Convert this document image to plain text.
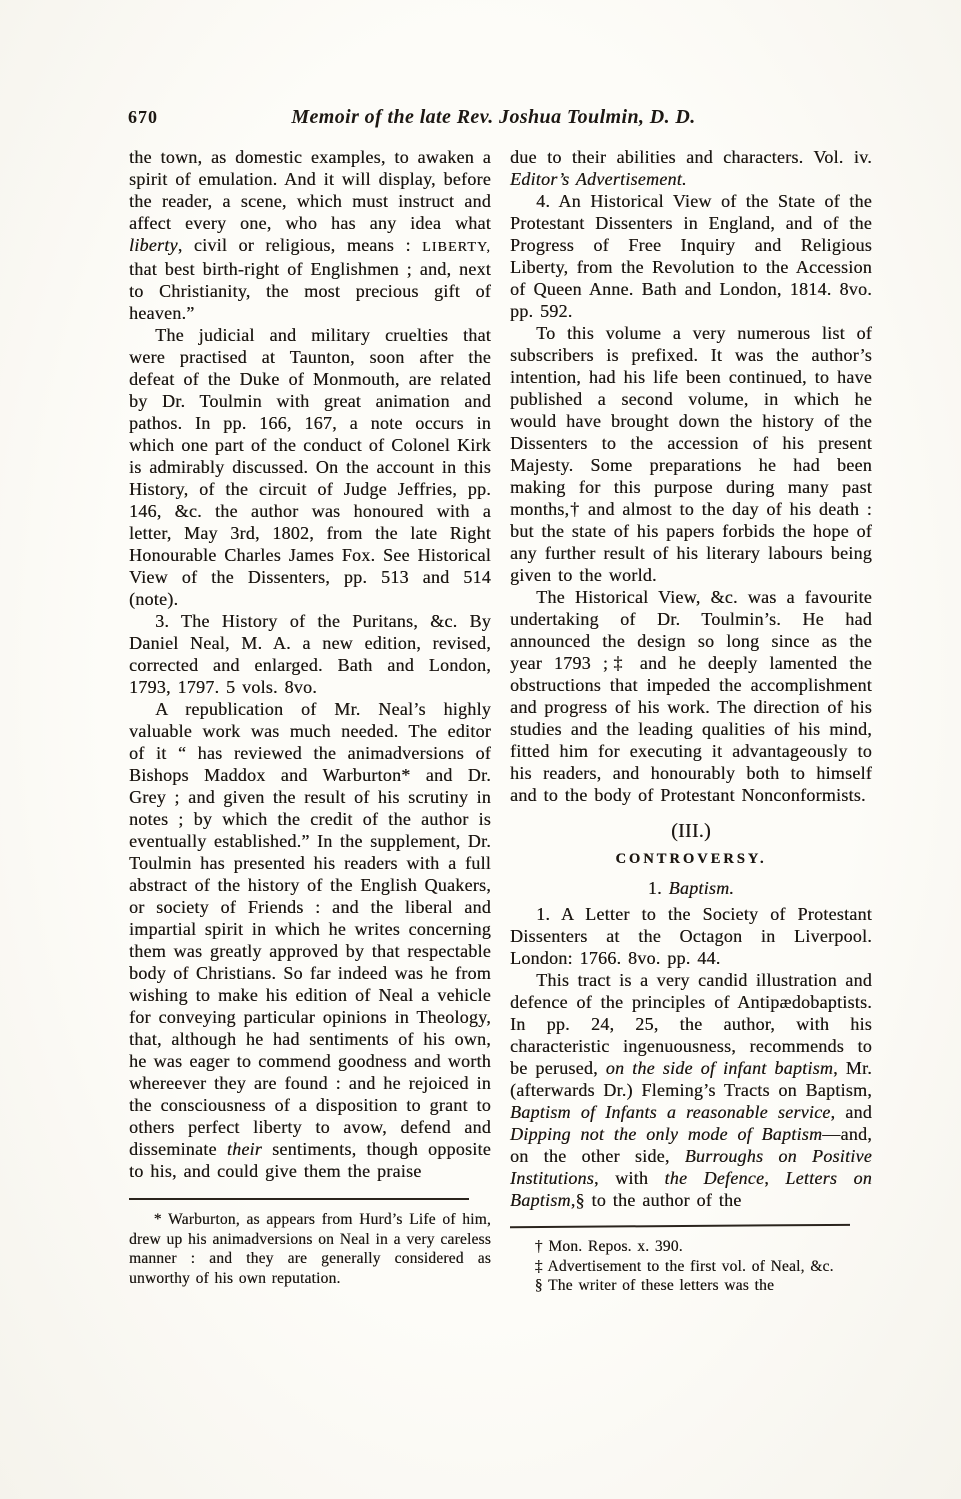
670	Memoir of the late Rev. Joshua Toulmin, D. D.

the town, as domestic examples, to awaken a spirit of emulation. And it will display, before the reader, a scene, which must instruct and affect every one, who has any idea what liberty, civil or religious, means : LIBERTY, that best birth-right of Englishmen ; and, next to Christianity, the most precious gift of heaven.”

The judicial and military cruelties that were practised at Taunton, soon after the defeat of the Duke of Monmouth, are related by Dr. Toulmin with great animation and pathos. In pp. 166, 167, a note occurs in which one part of the conduct of Colonel Kirk is admirably discussed. On the account in this History, of the circuit of Judge Jeffries, pp. 146, &c. the author was honoured with a letter, May 3rd, 1802, from the late Right Honourable Charles James Fox. See Historical View of the Dissenters, pp. 513 and 514 (note).

3. The History of the Puritans, &c. By Daniel Neal, M. A. a new edition, revised, corrected and enlarged. Bath and London, 1793, 1797. 5 vols. 8vo.

A republication of Mr. Neal’s highly valuable work was much needed. The editor of it “ has reviewed the animadversions of Bishops Maddox and Warburton* and Dr. Grey ; and given the result of his scrutiny in notes ; by which the credit of the author is eventually established.” In the supplement, Dr. Toulmin has presented his readers with a full abstract of the history of the English Quakers, or society of Friends : and the liberal and impartial spirit in which he writes concerning them was greatly approved by that respectable body of Christians. So far indeed was he from wishing to make his edition of Neal a vehicle for conveying particular opinions in Theology, that, although he had sentiments of his own, he was eager to commend goodness and worth whereever they are found : and he rejoiced in the consciousness of a disposition to grant to others perfect liberty to avow, defend and disseminate their sentiments, though opposite to his, and could give them the praise

* Warburton, as appears from Hurd’s Life of him, drew up his animadversions on Neal in a very careless manner : and they are generally considered as unworthy of his own reputation.

due to their abilities and characters. Vol. iv. Editor’s Advertisement.

4. An Historical View of the State of the Protestant Dissenters in England, and of the Progress of Free Inquiry and Religious Liberty, from the Revolution to the Accession of Queen Anne. Bath and London, 1814. 8vo. pp. 592.

To this volume a very numerous list of subscribers is prefixed. It was the author’s intention, had his life been continued, to have published a second volume, in which he would have brought down the history of the Dissenters to the accession of his present Majesty. Some preparations he had been making for this purpose during many past months,† and almost to the day of his death : but the state of his papers forbids the hope of any further result of his literary labours being given to the world.

The Historical View, &c. was a favourite undertaking of Dr. Toulmin’s. He had announced the design so long since as the year 1793 ;‡ and he deeply lamented the obstructions that impeded the accomplishment and progress of his work. The direction of his studies and the leading qualities of his mind, fitted him for executing it advantageously to his readers, and honourably both to himself and to the body of Protestant Nonconformists.

(III.)

CONTROVERSY.

1. Baptism.

1. A Letter to the Society of Protestant Dissenters at the Octagon in Liverpool. London: 1766. 8vo. pp. 44.

This tract is a very candid illustration and defence of the principles of Antipædobaptists. In pp. 24, 25, the author, with his characteristic ingenuousness, recommends to be perused, on the side of infant baptism, Mr. (afterwards Dr.) Fleming’s Tracts on Baptism, Baptism of Infants a reasonable service, and Dipping not the only mode of Baptism—and, on the other side, Burroughs on Positive Institutions, with the Defence, Letters on Baptism,§ to the author of the

† Mon. Repos. x. 390.

‡ Advertisement to the first vol. of Neal, &c.

§ The writer of these letters was the
